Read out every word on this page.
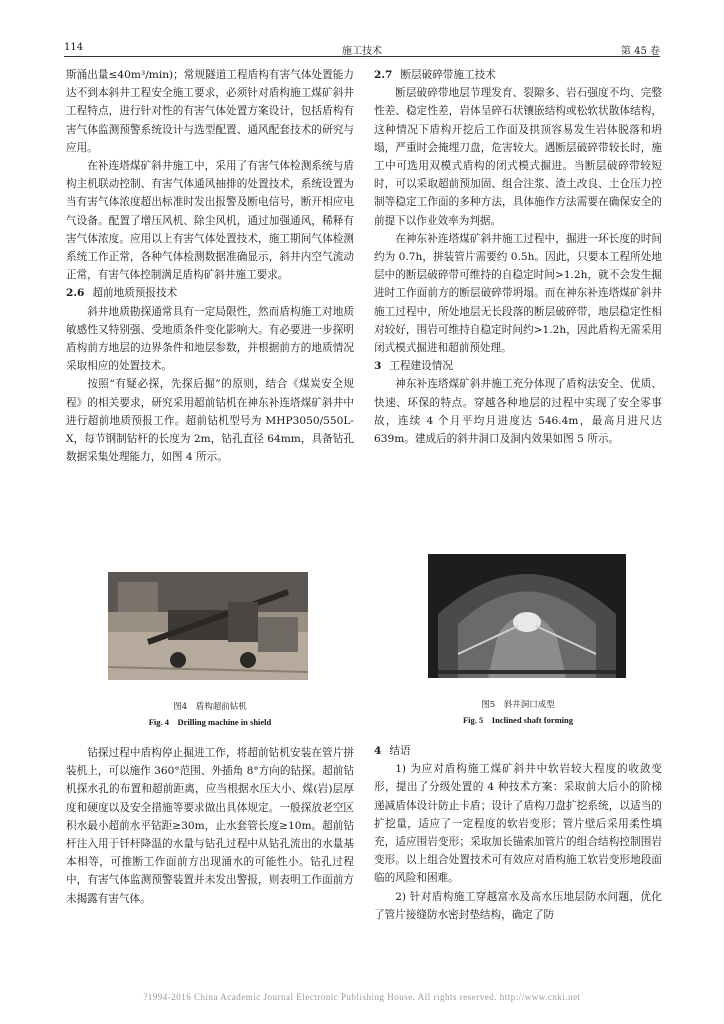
114	施工技术	第 45 卷

斯涌出量≤40m³/min)；常规隧道工程盾构有害气体处置能力达不到本斜井工程安全施工要求，必须针对盾构施工煤矿斜井工程特点，进行针对性的有害气体处置方案设计，包括盾构有害气体监测预警系统设计与选型配置、通风配套技术的研究与应用。

在补连塔煤矿斜井施工中，采用了有害气体检测系统与盾构主机联动控制、有害气体通风抽排的处置技术，系统设置为当有害气体浓度超出标准时发出报警及断电信号，断开相应电气设备。配置了增压风机、除尘风机，通过加强通风，稀释有害气体浓度。应用以上有害气体处置技术，施工期间气体检测系统工作正常，各种气体检测数据准确显示，斜井内空气流动正常，有害气体控制满足盾构矿斜井施工要求。

2.6 超前地质预报技术

斜井地质勘探通常具有一定局限性，然而盾构施工对地质敏感性又特别强、受地质条件变化影响大。有必要进一步探明盾构前方地层的边界条件和地层参数，并根据前方的地质情况采取相应的处置技术。

按照“有疑必探，先探后掘”的原则，结合《煤炭安全规程》的相关要求，研究采用超前钻机在神东补连塔煤矿斜井中进行超前地质预报工作。超前钻机型号为 MHP3050/550L-X，每节钢制钻杆的长度为 2m，钻孔直径 64mm，具备钻孔数据采集处理能力，如图 4 所示。

图4　盾构超前钻机
Fig. 4　Drilling machine in shield

钻探过程中盾构停止掘进工作，将超前钻机安装在管片拼装机上，可以施作 360°范围、外插角 8°方向的钻探。超前钻机探水孔的布置和超前距离，应当根据水压大小、煤(岩)层厚度和硬度以及安全措施等要求做出具体规定。一般探放老空区积水最小超前水平钻距≥30m，止水套管长度≥10m。超前钻杆注入用于钎杆降温的水量与钻孔过程中从钻孔流出的水量基本相等，可推断工作面前方出现涌水的可能性小。钻孔过程中，有害气体监测预警装置并未发出警报，则表明工作面前方未揭露有害气体。

2.7 断层破碎带施工技术

断层破碎带地层节理发育、裂隙多、岩石强度不均、完整性差、稳定性差，岩体呈碎石状镶嵌结构或松软状散体结构，这种情况下盾构开挖后工作面及拱顶容易发生岩体脱落和坍塌，严重时会掩埋刀盘，危害较大。遇断层破碎带较长时，施工中可选用双模式盾构的闭式模式掘进。当断层破碎带较短时，可以采取超前预加固、组合注浆、渣土改良、土仓压力控制等稳定工作面的多种方法，具体施作方法需要在确保安全的前提下以作业效率为判据。

在神东补连塔煤矿斜井施工过程中，掘进一环长度的时间约为 0.7h，拼装管片需要约 0.5h。因此，只要本工程所处地层中的断层破碎带可维持的自稳定时间>1.2h，就不会发生掘进时工作面前方的断层破碎带坍塌。而在神东补连塔煤矿斜井施工过程中，所处地层无长段落的断层破碎带，地层稳定性相对较好，围岩可维持自稳定时间约>1.2h，因此盾构无需采用闭式模式掘进和超前预处理。

3 工程建设情况

神东补连塔煤矿斜井施工充分体现了盾构法安全、优质、快速、环保的特点。穿越各种地层的过程中实现了安全零事故，连续 4 个月平均月进度达 546.4m，最高月进尺达 639m。建成后的斜井洞口及洞内效果如图 5 所示。

图5　斜井洞口成型
Fig. 5　Inclined shaft forming
4 结语

1) 为应对盾构施工煤矿斜井中软岩较大程度的收敛变形，提出了分级处置的 4 种技术方案：采取前大后小的阶梯递减盾体设计防止卡盾；设计了盾构刀盘扩挖系统，以适当的扩挖量，适应了一定程度的软岩变形；管片壁后采用柔性填充，适应围岩变形；采取加长锚索加管片的组合结构控制围岩变形。以上组合处置技术可有效应对盾构施工软岩变形地段面临的风险和困难。

2) 针对盾构施工穿越富水及高水压地层防水问题，优化了管片接缝防水密封垫结构，确定了防

?1994-2016 China Academic Journal Electronic Publishing House. All rights reserved. http://www.cnki.net
